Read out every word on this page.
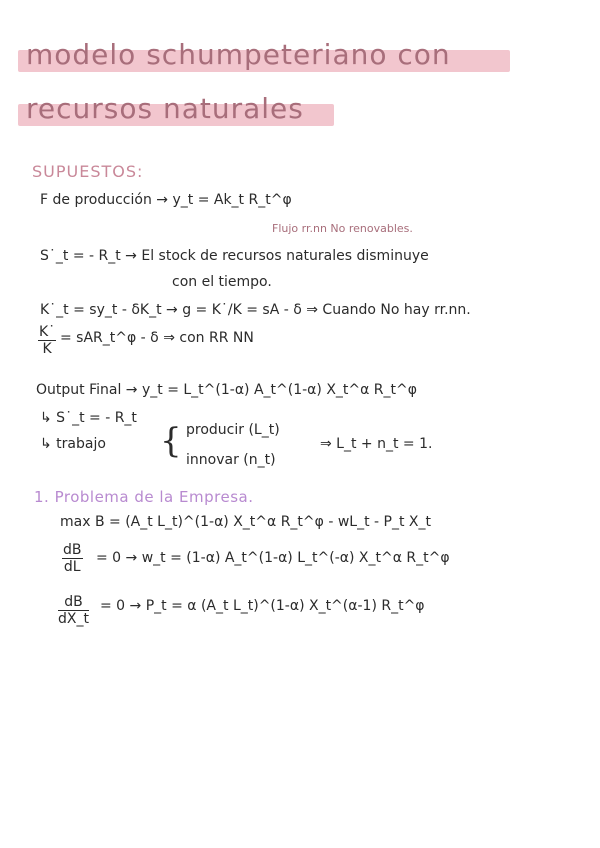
modelo schumpeteriano con
recursos naturales
SUPUESTOS:
F de producción → y_t = Ak_t R_t^φ
Flujo rr.nn No renovables.
S˙_t = - R_t → El stock de recursos naturales disminuye
con el tiempo.
K˙_t = sy_t - δK_t → g = K˙/K = sA - δ ⇒ Cuando No hay rr.nn.
$\frac{K˙}{K}$ = sAR_t^φ - δ ⇒ con RR NN
Output Final → y_t = L_t^(1-α) A_t^(1-α) X_t^α R_t^φ
↳ S˙_t = - R_t
↳ trabajo { producir (L_t)
innovar (n_t)
⇒ L_t + n_t = 1.
1. Problema de la Empresa.
max B = (A_t L_t)^(1-α) X_t^α R_t^φ - wL_t - P_t X_t
$\frac{dB}{dL} = 0$ → w_t = (1-α) A_t^(1-α) L_t^(-α) X_t^α R_t^φ
$\frac{dB}{dX\_t} = 0$ → P_t = α (A_t L_t)^(1-α) X_t^(α-1) R_t^φ
